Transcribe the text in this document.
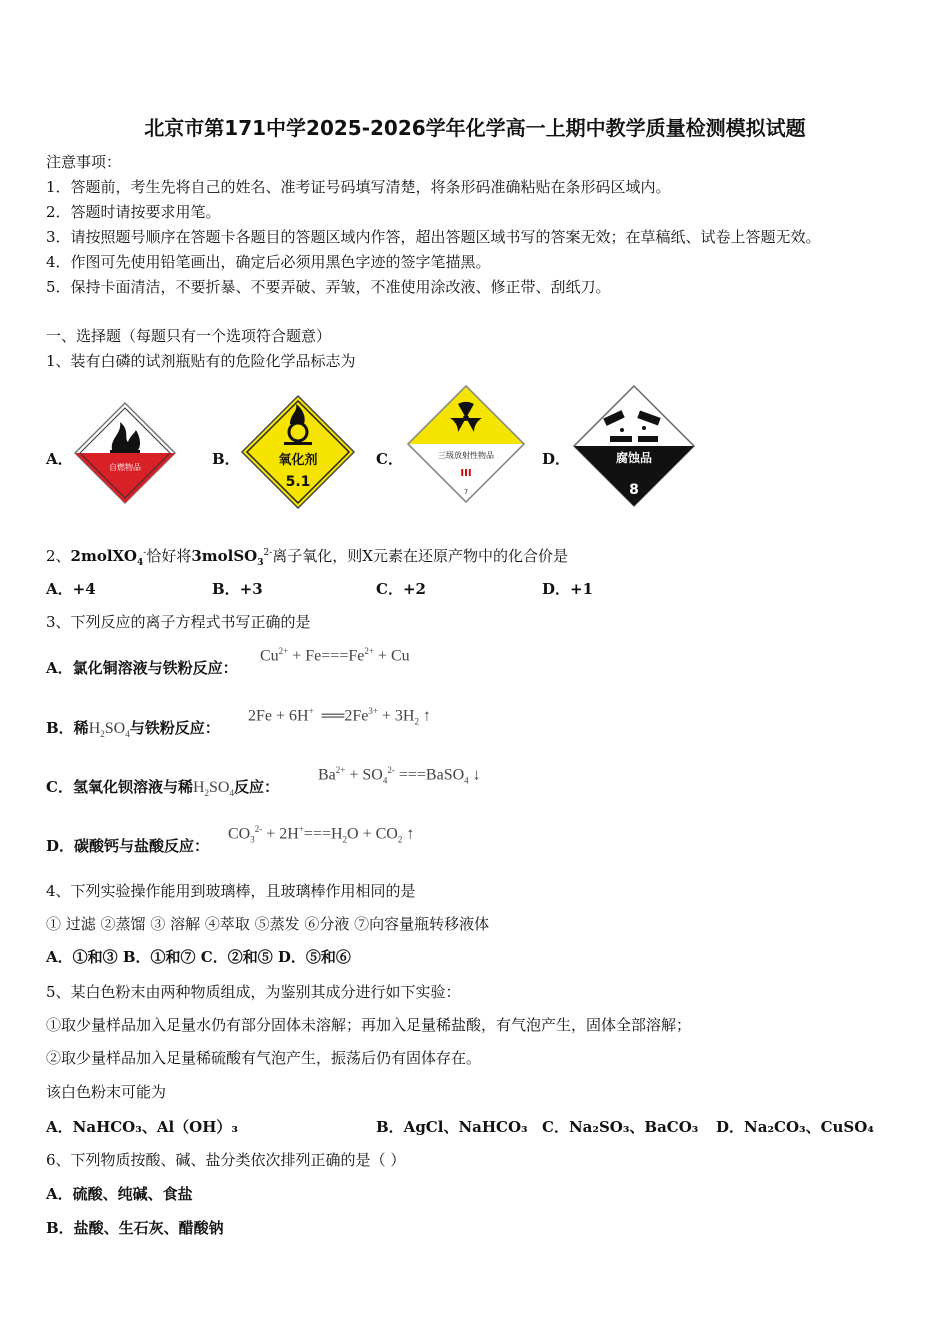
北京市第171中学2025-2026学年化学高一上期中教学质量检测模拟试题
注意事项：
1．答题前，考生先将自己的姓名、准考证号码填写清楚，将条形码准确粘贴在条形码区域内。
2．答题时请按要求用笔。
3．请按照题号顺序在答题卡各题目的答题区域内作答，超出答题区域书写的答案无效；在草稿纸、试卷上答题无效。
4．作图可先使用铅笔画出，确定后必须用黑色字迹的签字笔描黑。
5．保持卡面清洁，不要折暴、不要弄破、弄皱，不准使用涂改液、修正带、刮纸刀。
一、选择题（每题只有一个选项符合题意）
1、装有白磷的试剂瓶贴有的危险化学品标志为
A．	自燃物品	B．	氧化剂
5.1
C．	三级放射性物品
III
7
D．	腐蚀品
8
2、2molXO$_4$-恰好将3molSO$_3^{2-}$离子氧化，则X元素在还原产物中的化合价是
A．+4	B．+3	C．+2	D．+1
3、下列反应的离子方程式书写正确的是
A．氯化铜溶液与铁粉反应：
$Cu^{2+} + Fe===Fe^{2+} + Cu$
B．稀$H_2SO_4$与铁粉反应：
2Fe + 6H+  $══2Fe^{3+} + 3H_2$ ↑
C．氢氧化钡溶液与稀$H_2SO_4$反应：
$Ba^{2+} + SO_4^{2-}$ ===BaSO$_4$ ↓
D．碳酸钙与盐酸反应：
$CO_3^{2-} + 2H^+===H_2O + CO_2$ ↑
4、下列实验操作能用到玻璃棒，且玻璃棒作用相同的是
① 过滤 ②蒸馏 ③ 溶解 ④萃取 ⑤蒸发 ⑥分液 ⑦向容量瓶转移液体
A．①和③ B．①和⑦ C．②和⑤ D．⑤和⑥
5、某白色粉末由两种物质组成，为鉴别其成分进行如下实验：
①取少量样品加入足量水仍有部分固体未溶解；再加入足量稀盐酸，有气泡产生，固体全部溶解；
②取少量样品加入足量稀硫酸有气泡产生，振荡后仍有固体存在。
该白色粉末可能为
A．NaHCO₃、Al（OH）₃	B．AgCl、NaHCO₃ C．Na₂SO₃、BaCO₃ D．Na₂CO₃、CuSO₄
6、下列物质按酸、碱、盐分类依次排列正确的是（ ）
A．硫酸、纯碱、食盐
B．盐酸、生石灰、醋酸钠
